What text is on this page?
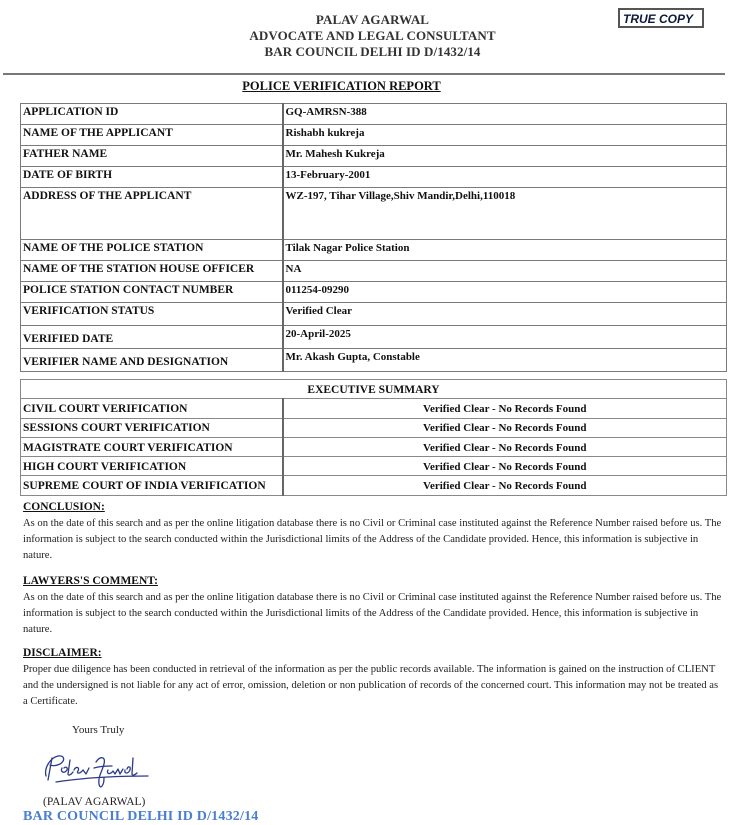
PALAV AGARWAL
ADVOCATE AND LEGAL CONSULTANT
BAR COUNCIL DELHI ID D/1432/14
TRUE COPY
POLICE VERIFICATION REPORT
APPLICATION ID	GQ-AMRSN-388
NAME OF THE APPLICANT	Rishabh kukreja
FATHER NAME	Mr. Mahesh Kukreja
DATE OF BIRTH	13-February-2001
ADDRESS OF THE APPLICANT	WZ-197, Tihar Village,Shiv Mandir,Delhi,110018
NAME OF THE POLICE STATION	Tilak Nagar Police Station
NAME OF THE STATION HOUSE OFFICER	NA
POLICE STATION CONTACT NUMBER	011254-09290
VERIFICATION STATUS	Verified Clear
VERIFIED DATE	20-April-2025
VERIFIER NAME AND DESIGNATION	Mr. Akash Gupta, Constable
EXECUTIVE SUMMARY	
CIVIL COURT VERIFICATION	Verified Clear - No Records Found
SESSIONS COURT VERIFICATION	Verified Clear - No Records Found
MAGISTRATE COURT VERIFICATION	Verified Clear - No Records Found
HIGH COURT VERIFICATION	Verified Clear - No Records Found
SUPREME COURT OF INDIA VERIFICATION	Verified Clear - No Records Found
CONCLUSION:
As on the date of this search and as per the online litigation database there is no Civil or Criminal case instituted against the Reference Number raised before us. The information is subject to the search conducted within the Jurisdictional limits of the Address of the Candidate provided. Hence, this information is subjective in nature.
LAWYERS'S COMMENT:
As on the date of this search and as per the online litigation database there is no Civil or Criminal case instituted against the Reference Number raised before us. The information is subject to the search conducted within the Jurisdictional limits of the Address of the Candidate provided. Hence, this information is subjective in nature.
DISCLAIMER:
Proper due diligence has been conducted in retrieval of the information as per the public records available. The information is gained on the instruction of CLIENT and the undersigned is not liable for any act of error, omission, deletion or non publication of records of the concerned court. This information may not be treated as a Certificate.
Yours Truly
(PALAV AGARWAL)
BAR COUNCIL DELHI ID D/1432/14
